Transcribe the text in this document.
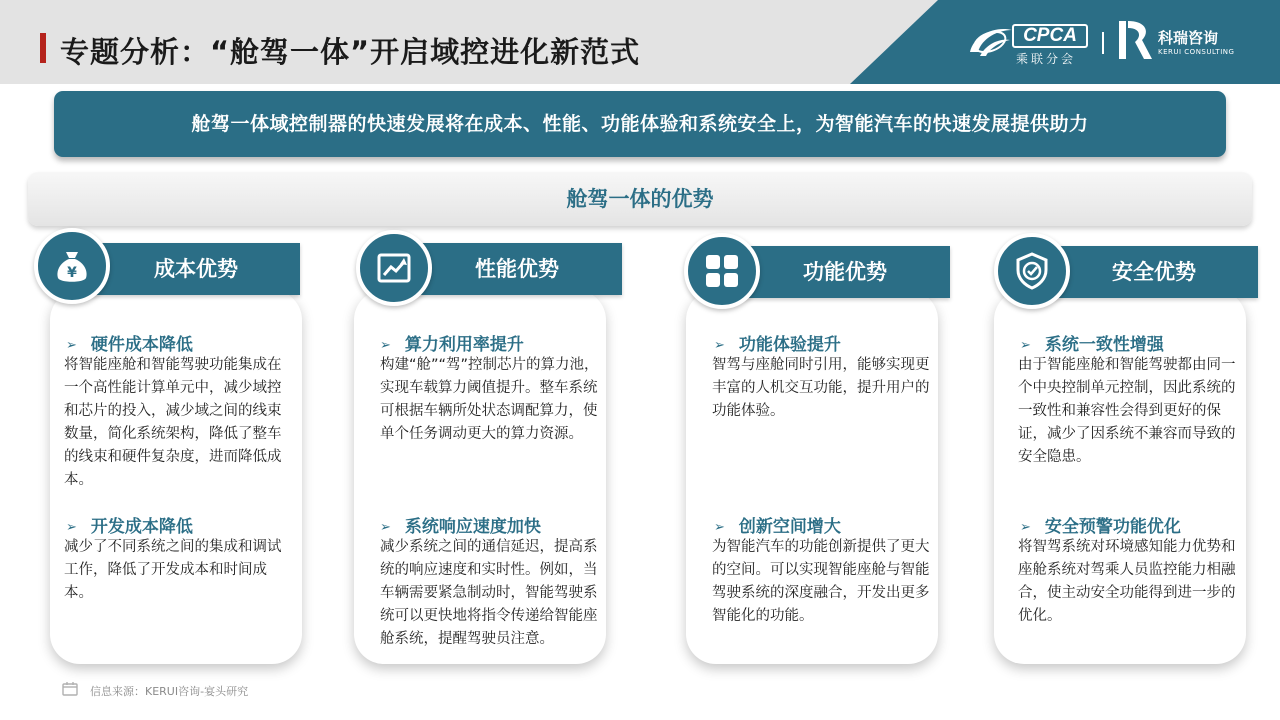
专题分析：“舱驾一体”开启域控进化新范式	CPCA
乘联分会
科瑞咨询
KERUI CONSULTING
舱驾一体域控制器的快速发展将在成本、性能、功能体验和系统安全上，为智能汽车的快速发展提供助力
舱驾一体的优势
➢ 硬件成本降低
将智能座舱和智能驾驶功能集成在一个高性能计算单元中，减少域控和芯片的投入，减少域之间的线束数量，简化系统架构，降低了整车的线束和硬件复杂度，进而降低成本。
➢ 开发成本降低
减少了不同系统之间的集成和调试工作，降低了开发成本和时间成本。
成本优势
¥
➢ 算力利用率提升
构建“舱”“驾”控制芯片的算力池，实现车载算力阈值提升。整车系统可根据车辆所处状态调配算力，使单个任务调动更大的算力资源。
➢ 系统响应速度加快
减少系统之间的通信延迟，提高系统的响应速度和实时性。例如，当车辆需要紧急制动时，智能驾驶系统可以更快地将指令传递给智能座舱系统，提醒驾驶员注意。
性能优势
➢ 功能体验提升
智驾与座舱同时引用，能够实现更丰富的人机交互功能，提升用户的功能体验。
➢ 创新空间增大
为智能汽车的功能创新提供了更大的空间。可以实现智能座舱与智能驾驶系统的深度融合，开发出更多智能化的功能。
功能优势
➢ 系统一致性增强
由于智能座舱和智能驾驶都由同一个中央控制单元控制，因此系统的一致性和兼容性会得到更好的保证，减少了因系统不兼容而导致的安全隐患。
➢ 安全预警功能优化
将智驾系统对环境感知能力优势和座舱系统对驾乘人员监控能力相融合，使主动安全功能得到进一步的优化。
安全优势
信息来源：KERUI咨询-宴头研究
